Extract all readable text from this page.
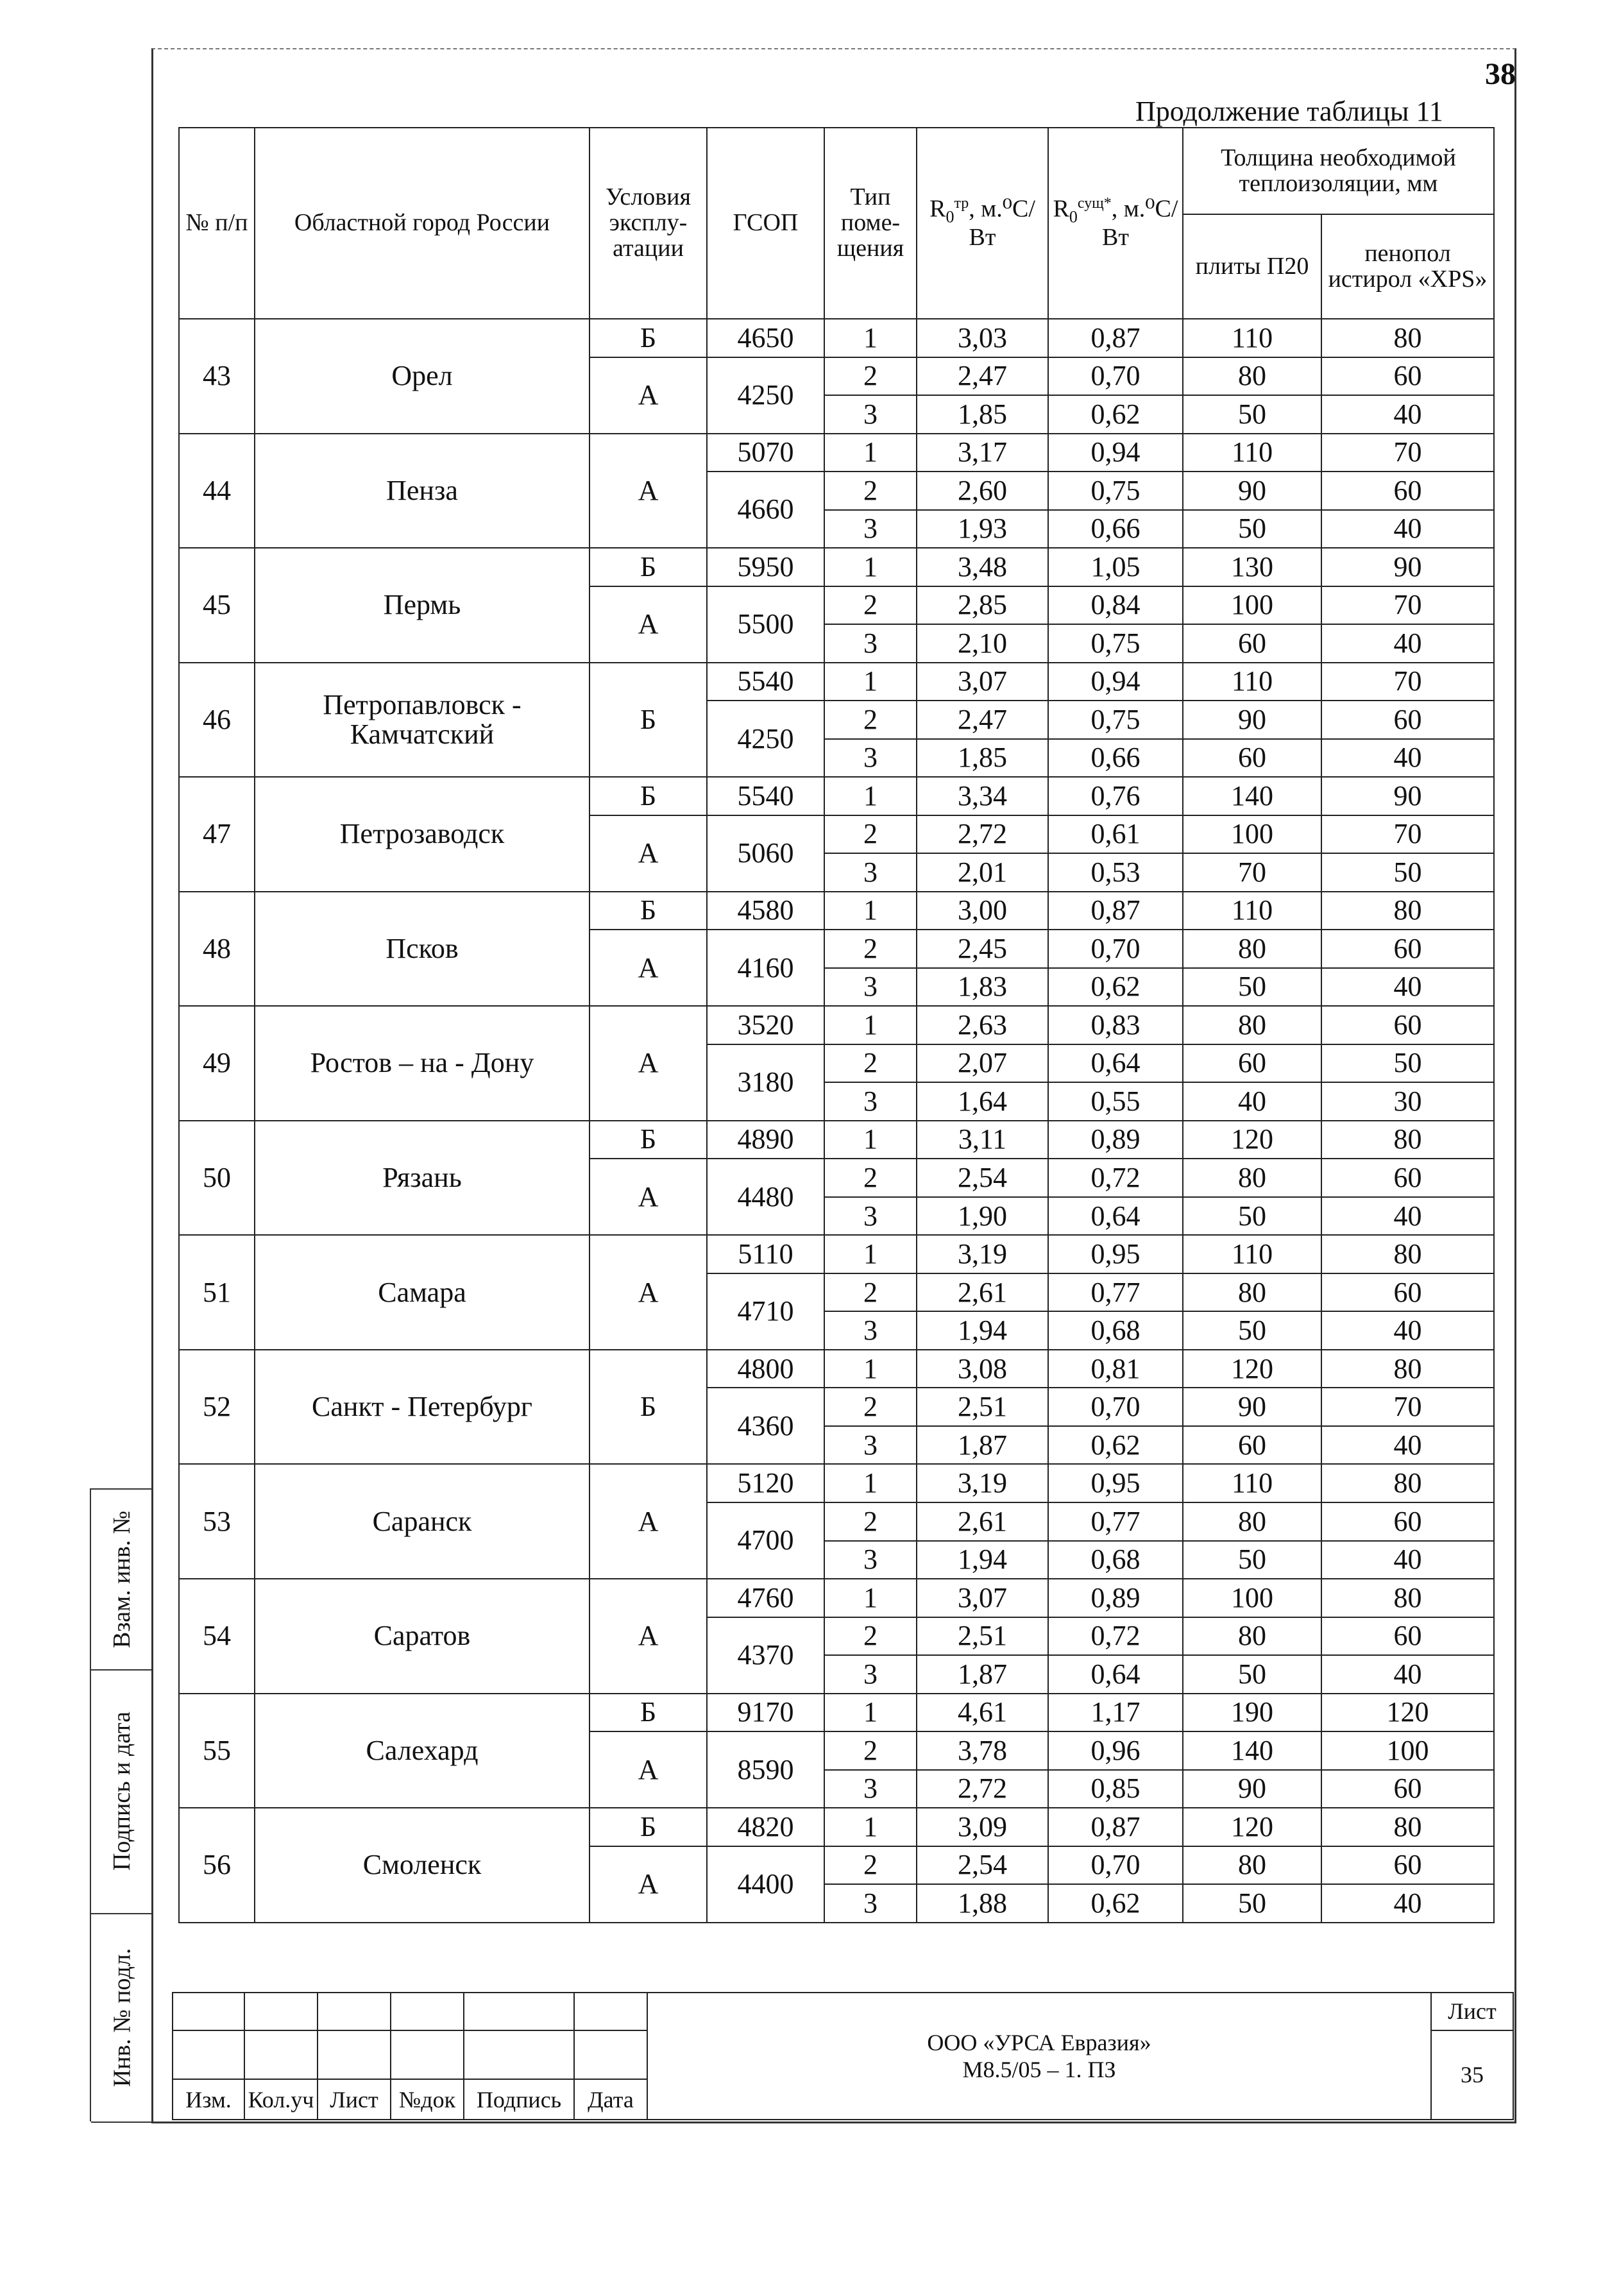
38
Продолжение таблицы 11
№ п/п	Областной город России	Условия эксплу-атации	ГСОП	Тип поме-щения	$R_0^{тр}$, м.⁰C/Вт	$R_0^{сущ*}$, м.⁰C/Вт	Толщина необходимой теплоизоляции, мм	
							плиты П20	пенопол истирол «XPS»
43	Орел	Б	4650	1	3,03	0,87	110	80
		А	4250	2	2,47	0,70	80	60
				3	1,85	0,62	50	40
44	Пенза	А	5070	1	3,17	0,94	110	70
			4660	2	2,60	0,75	90	60
				3	1,93	0,66	50	40
45	Пермь	Б	5950	1	3,48	1,05	130	90
		А	5500	2	2,85	0,84	100	70
				3	2,10	0,75	60	40
46	Петропавловск - Камчатский	Б	5540	1	3,07	0,94	110	70
			4250	2	2,47	0,75	90	60
				3	1,85	0,66	60	40
47	Петрозаводск	Б	5540	1	3,34	0,76	140	90
		А	5060	2	2,72	0,61	100	70
				3	2,01	0,53	70	50
48	Псков	Б	4580	1	3,00	0,87	110	80
		А	4160	2	2,45	0,70	80	60
				3	1,83	0,62	50	40
49	Ростов – на - Дону	А	3520	1	2,63	0,83	80	60
			3180	2	2,07	0,64	60	50
				3	1,64	0,55	40	30
50	Рязань	Б	4890	1	3,11	0,89	120	80
		А	4480	2	2,54	0,72	80	60
				3	1,90	0,64	50	40
51	Самара	А	5110	1	3,19	0,95	110	80
			4710	2	2,61	0,77	80	60
				3	1,94	0,68	50	40
52	Санкт - Петербург	Б	4800	1	3,08	0,81	120	80
			4360	2	2,51	0,70	90	70
				3	1,87	0,62	60	40
53	Саранск	А	5120	1	3,19	0,95	110	80
			4700	2	2,61	0,77	80	60
				3	1,94	0,68	50	40
54	Саратов	А	4760	1	3,07	0,89	100	80
			4370	2	2,51	0,72	80	60
				3	1,87	0,64	50	40
55	Салехард	Б	9170	1	4,61	1,17	190	120
		А	8590	2	3,78	0,96	140	100
				3	2,72	0,85	90	60
56	Смоленск	Б	4820	1	3,09	0,87	120	80
		А	4400	2	2,54	0,70	80	60
				3	1,88	0,62	50	40

						ООО «УРСА Евразия»
М8.5/05 – 1. ПЗ	Лист
							35
Изм.	Кол.уч	Лист	№док	Подпись	Дата		
Взам. инв. №
Подпись и дата
Инв. № подл.
